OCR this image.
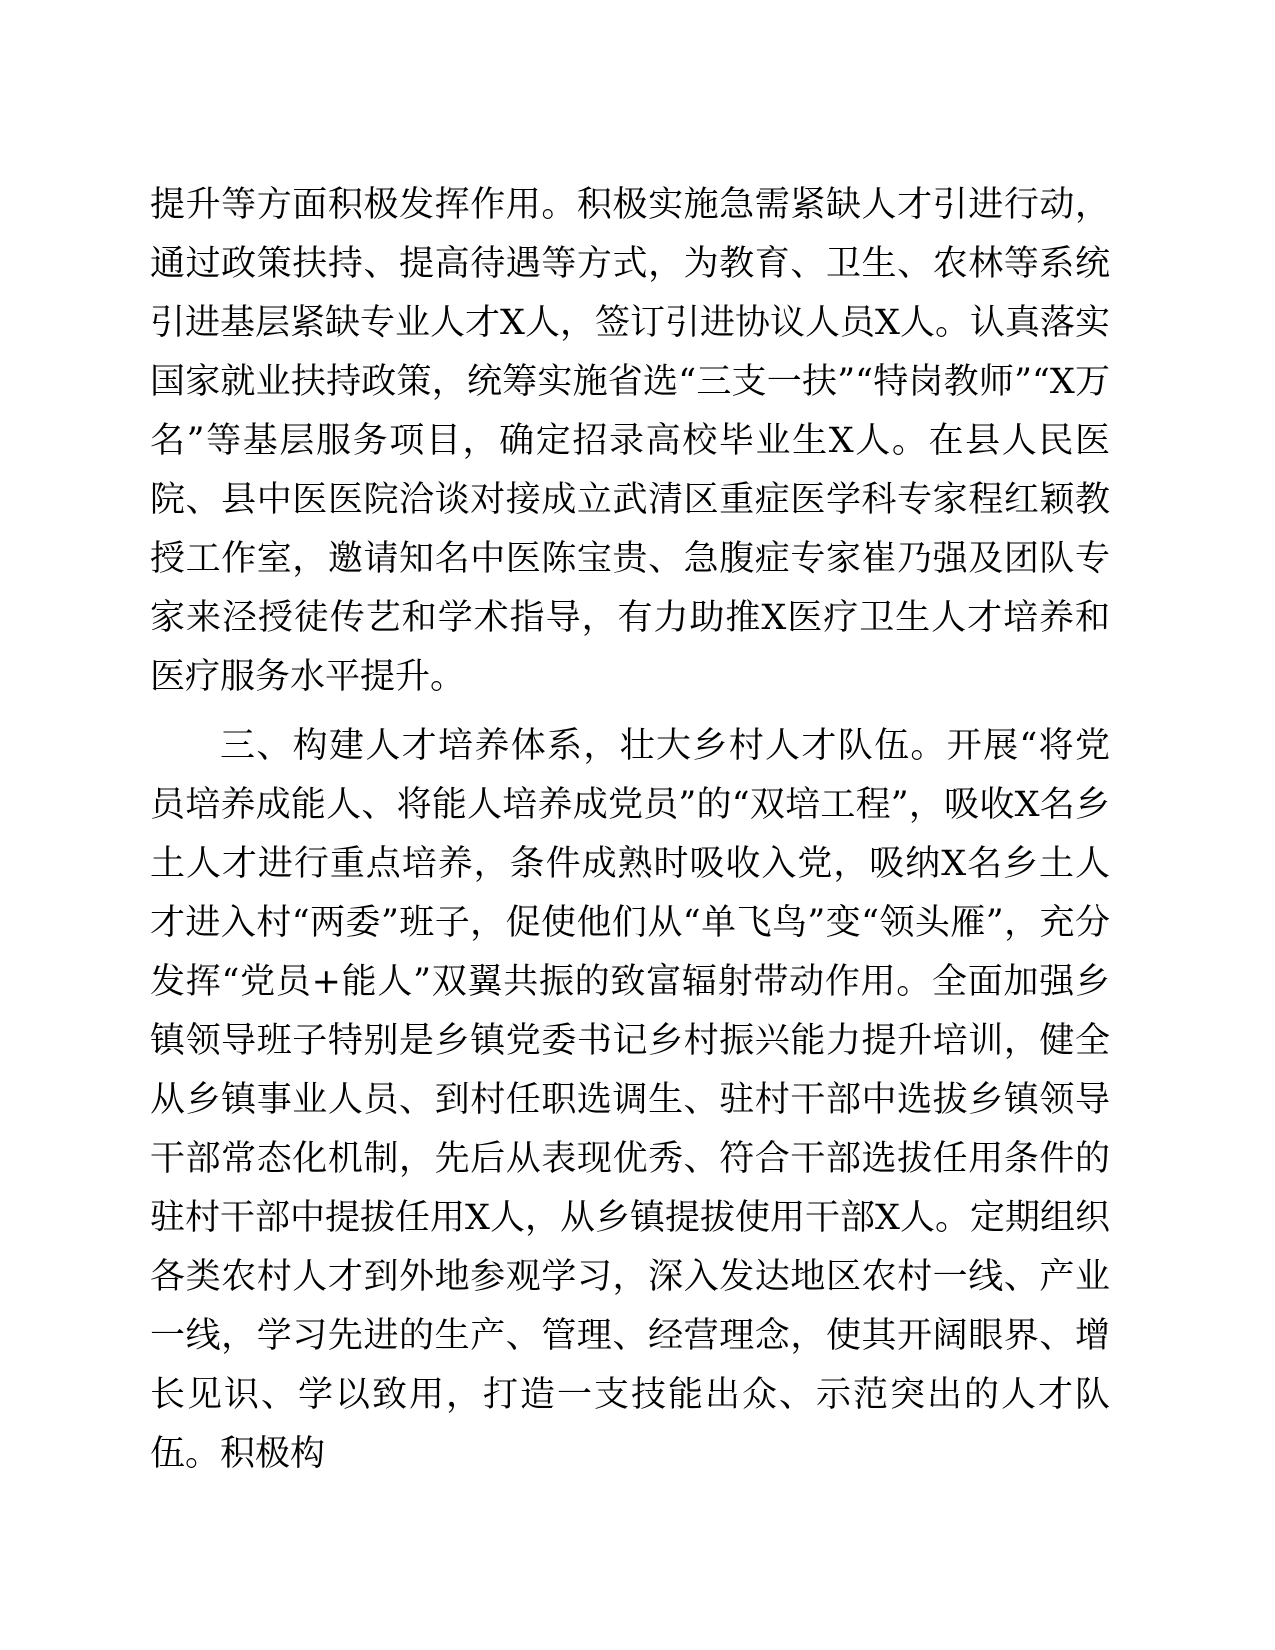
提升等方面积极发挥作用。积极实施急需紧缺人才引进行动，通过政策扶持、提高待遇等方式，为教育、卫生、农林等系统引进基层紧缺专业人才X人，签订引进协议人员X人。认真落实国家就业扶持政策，统筹实施省选“三支一扶”“特岗教师”“X万名”等基层服务项目，确定招录高校毕业生X人。在县人民医院、县中医医院洽谈对接成立武清区重症医学科专家程红颖教授工作室，邀请知名中医陈宝贵、急腹症专家崔乃强及团队专家来泾授徒传艺和学术指导，有力助推X医疗卫生人才培养和医疗服务水平提升。

三、构建人才培养体系，壮大乡村人才队伍。开展“将党员培养成能人、将能人培养成党员”的“双培工程”，吸收X名乡土人才进行重点培养，条件成熟时吸收入党，吸纳X名乡土人才进入村“两委”班子，促使他们从“单飞鸟”变“领头雁”，充分发挥“党员+能人”双翼共振的致富辐射带动作用。全面加强乡镇领导班子特别是乡镇党委书记乡村振兴能力提升培训，健全从乡镇事业人员、到村任职选调生、驻村干部中选拔乡镇领导干部常态化机制，先后从表现优秀、符合干部选拔任用条件的驻村干部中提拔任用X人，从乡镇提拔使用干部X人。定期组织各类农村人才到外地参观学习，深入发达地区农村一线、产业一线，学习先进的生产、管理、经营理念，使其开阔眼界、增长见识、学以致用，打造一支技能出众、示范突出的人才队伍。积极构
